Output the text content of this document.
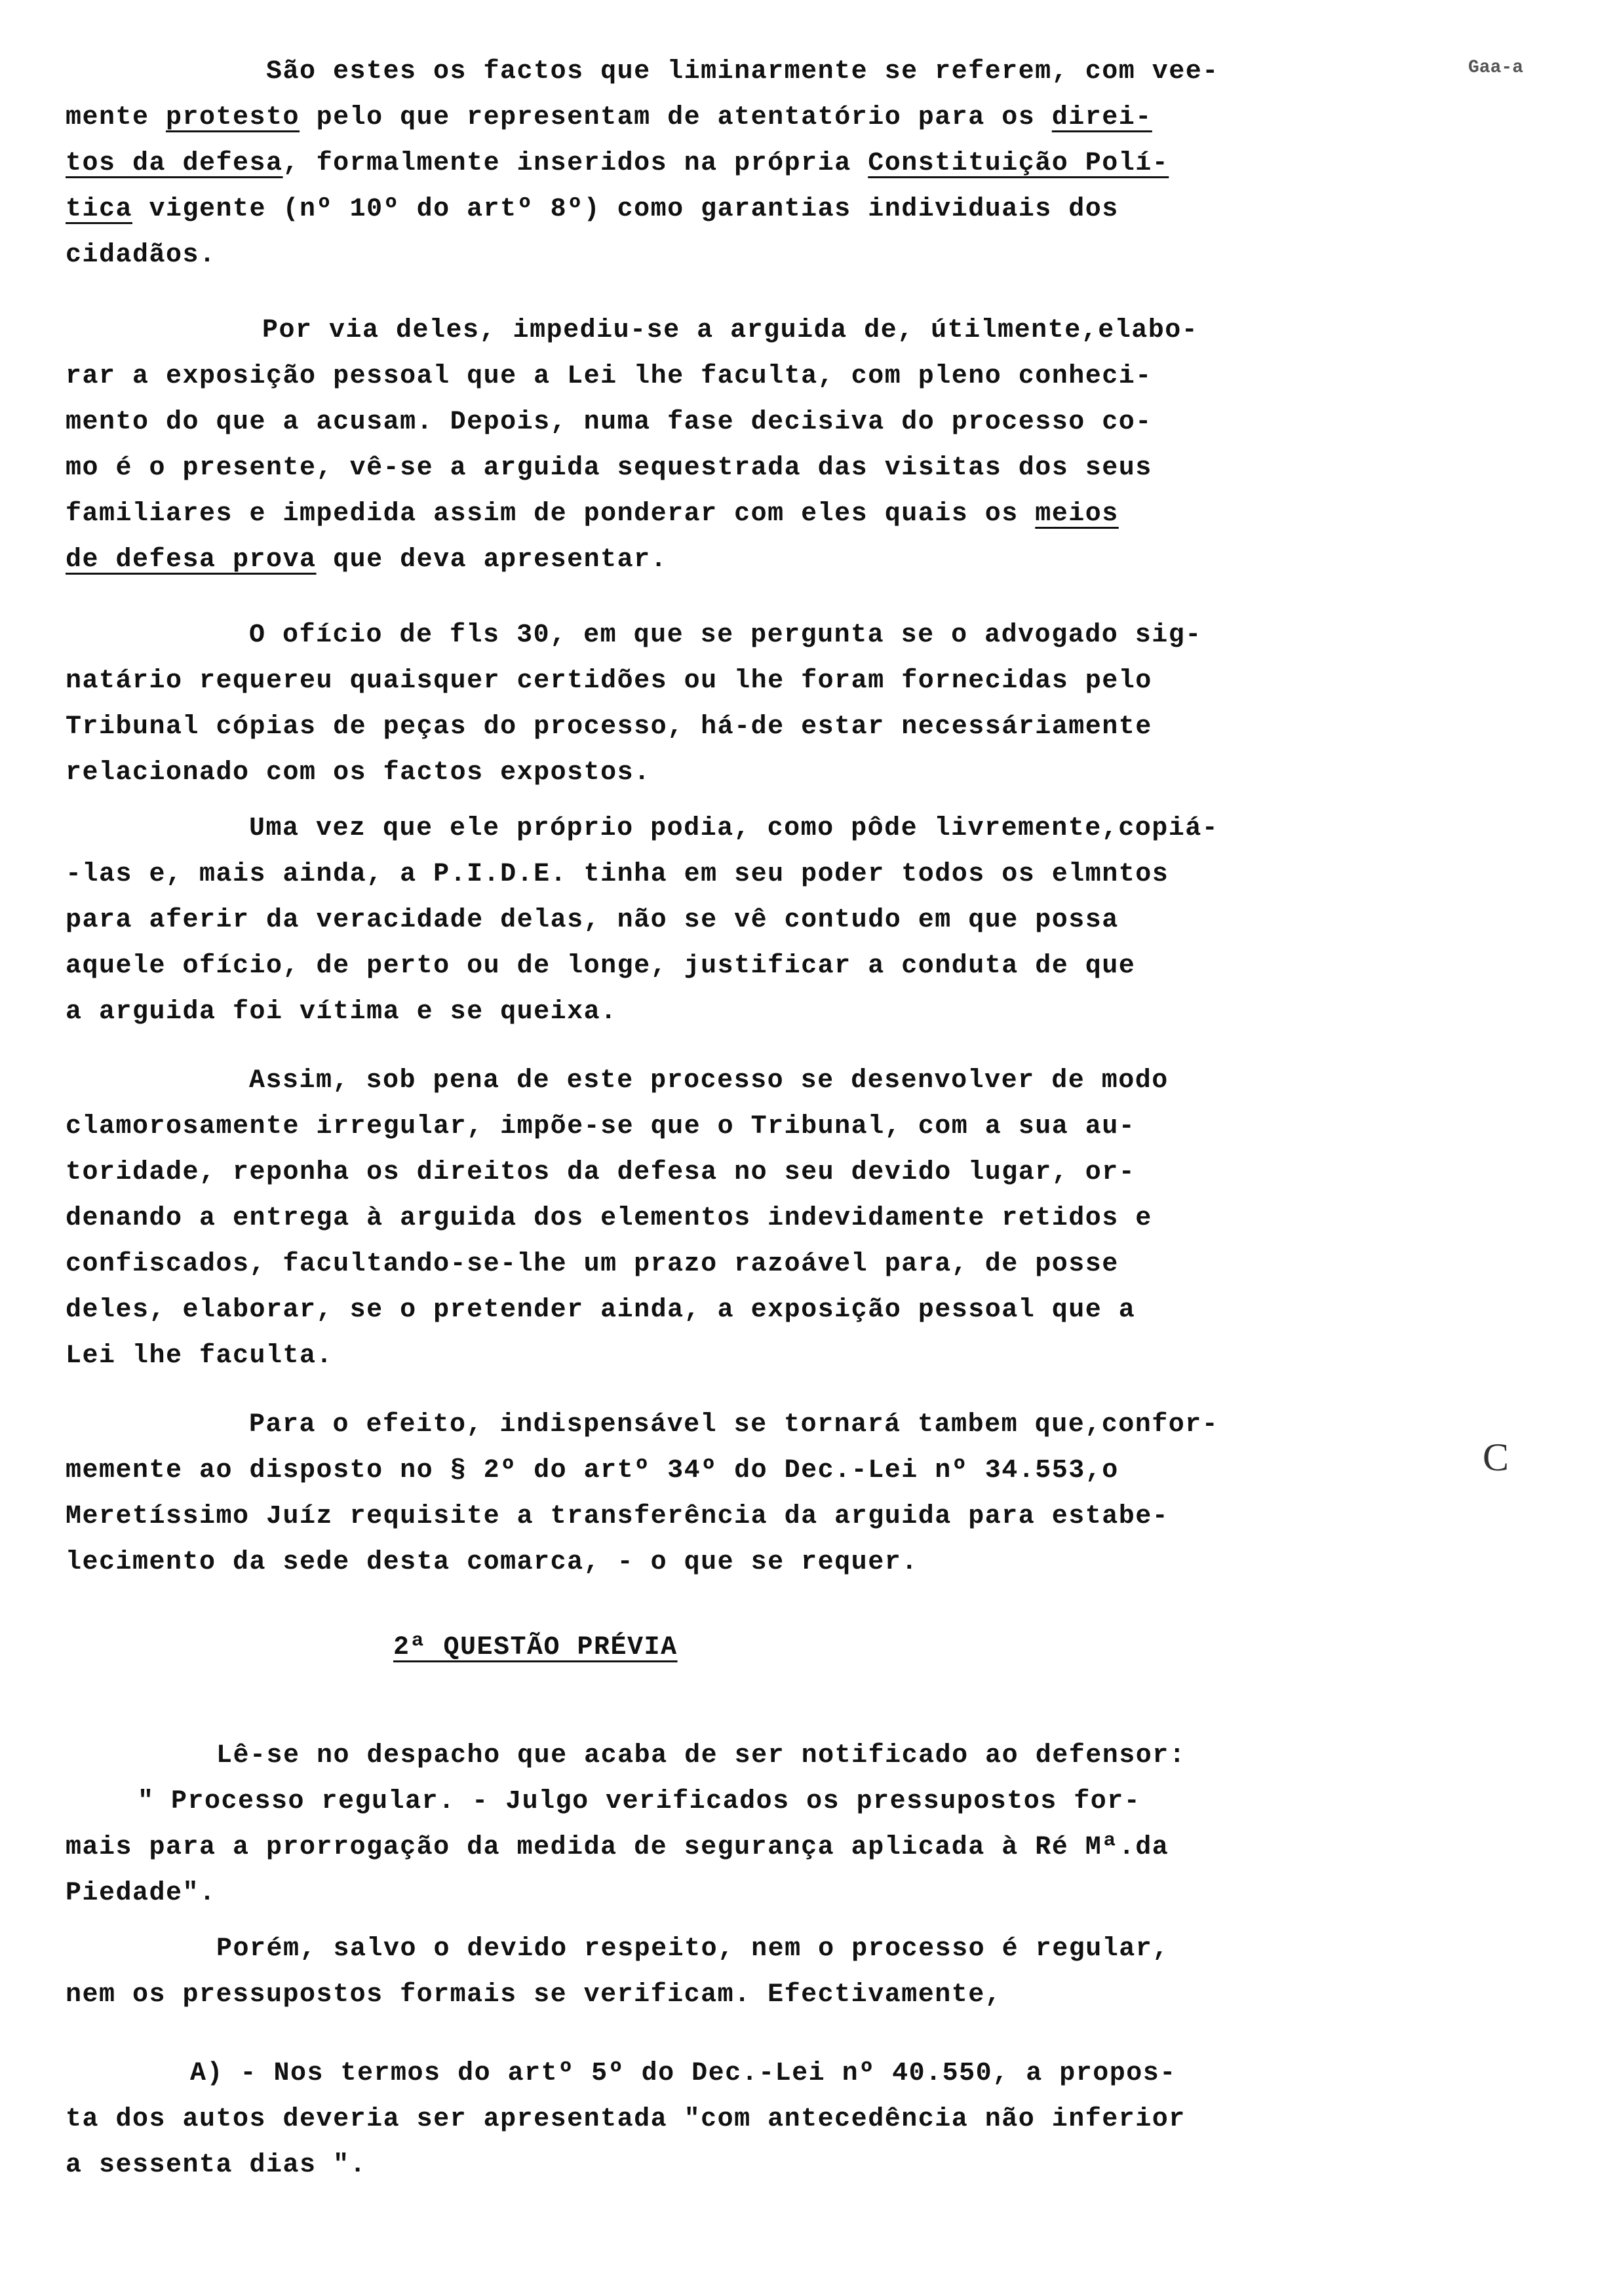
Gaa-a
C
São estes os factos que liminarmente se referem, com vee-
mente protesto pelo que representam de atentatório para os direi-
tos da defesa, formalmente inseridos na própria Constituição Polí-
tica vigente (nº 10º do artº 8º) como garantias individuais dos
cidadãos.
Por via deles, impediu-se a arguida de, útilmente,elabo-
rar a exposição pessoal que a Lei lhe faculta, com pleno conheci-
mento do que a acusam. Depois, numa fase decisiva do processo co-
mo é o presente, vê-se a arguida sequestrada das visitas dos seus
familiares e impedida assim de ponderar com eles quais os meios
de defesa prova que deva apresentar.
O ofício de fls 30, em que se pergunta se o advogado sig-
natário requereu quaisquer certidões ou lhe foram fornecidas pelo
Tribunal cópias de peças do processo, há-de estar necessáriamente
relacionado com os factos expostos.
Uma vez que ele próprio podia, como pôde livremente,copiá-
-las e, mais ainda, a P.I.D.E. tinha em seu poder todos os elmntos
para aferir da veracidade delas, não se vê contudo em que possa
aquele ofício, de perto ou de longe, justificar a conduta de que
a arguida foi vítima e se queixa.
Assim, sob pena de este processo se desenvolver de modo
clamorosamente irregular, impõe-se que o Tribunal, com a sua au-
toridade, reponha os direitos da defesa no seu devido lugar, or-
denando a entrega à arguida dos elementos indevidamente retidos e
confiscados, facultando-se-lhe um prazo razoável para, de posse
deles, elaborar, se o pretender ainda, a exposição pessoal que a
Lei lhe faculta.
Para o efeito, indispensável se tornará tambem que,confor-
memente ao disposto no § 2º do artº 34º do Dec.-Lei nº 34.553,o
Meretíssimo Juíz requisite a transferência da arguida para estabe-
lecimento da sede desta comarca, - o que se requer.
2ª QUESTÃO PRÉVIA
Lê-se no despacho que acaba de ser notificado ao defensor:
" Processo regular. - Julgo verificados os pressupostos for-
mais para a prorrogação da medida de segurança aplicada à Ré Mª.da
Piedade".
Porém, salvo o devido respeito, nem o processo é regular,
nem os pressupostos formais se verificam. Efectivamente,
A) - Nos termos do artº 5º do Dec.-Lei nº 40.550, a propos-
ta dos autos deveria ser apresentada "com antecedência não inferior
a sessenta dias ".
